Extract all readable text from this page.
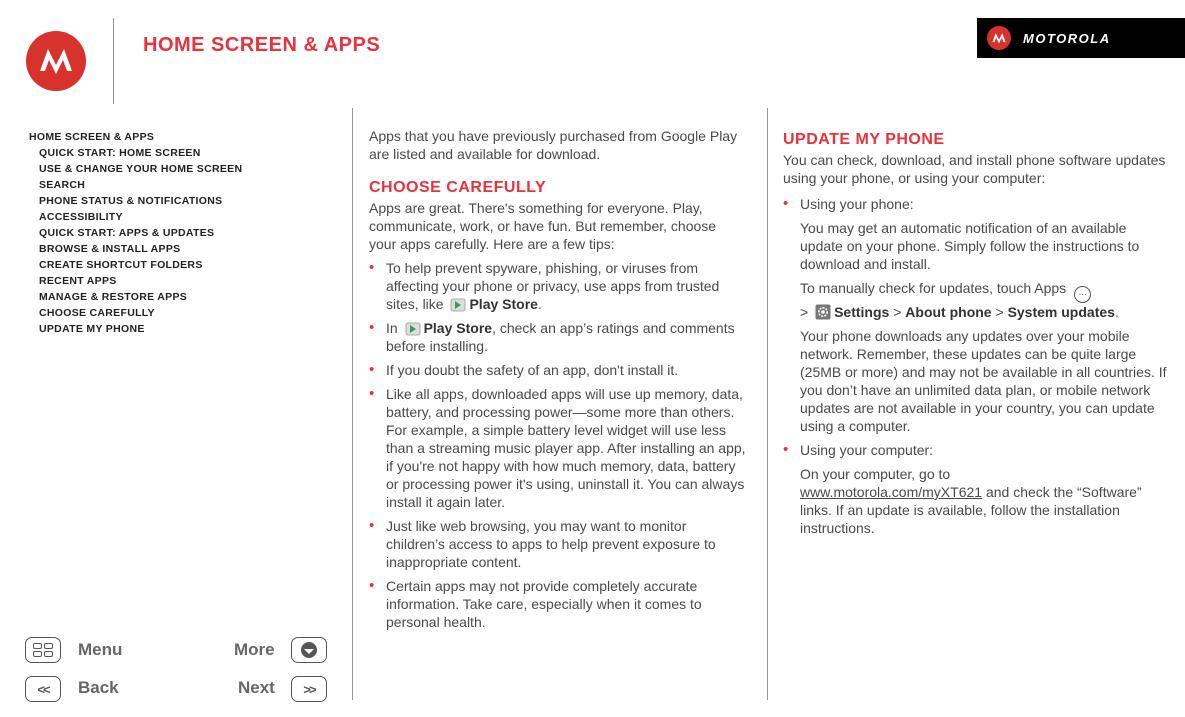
HOME SCREEN & APPS	MOTOROLA
HOME SCREEN & APPS
QUICK START: HOME SCREEN
USE & CHANGE YOUR HOME SCREEN
SEARCH
PHONE STATUS & NOTIFICATIONS
ACCESSIBILITY
QUICK START: APPS & UPDATES
BROWSE & INSTALL APPS
CREATE SHORTCUT FOLDERS
RECENT APPS
MANAGE & RESTORE APPS
CHOOSE CAREFULLY
UPDATE MY PHONE

Apps that you have previously purchased from Google Play are listed and available for download.

CHOOSE CAREFULLY

Apps are great. There's something for everyone. Play, communicate, work, or have fun. But remember, choose your apps carefully. Here are a few tips:

• To help prevent spyware, phishing, or viruses from affecting your phone or privacy, use apps from trusted sites, like Play Store.
• In Play Store, check an app’s ratings and comments before installing.
• If you doubt the safety of an app, don't install it.
• Like all apps, downloaded apps will use up memory, data, battery, and processing power—some more than others. For example, a simple battery level widget will use less than a streaming music player app. After installing an app, if you're not happy with how much memory, data, battery or processing power it's using, uninstall it. You can always install it again later.
• Just like web browsing, you may want to monitor children’s access to apps to help prevent exposure to inappropriate content.
• Certain apps may not provide completely accurate information. Take care, especially when it comes to personal health.
UPDATE MY PHONE

You can check, download, and install phone software updates using your phone, or using your computer:

• Using your phone:

You may get an automatic notification of an available update on your phone. Simply follow the instructions to download and install.

To manually check for updates, touch Apps ⋯
> Settings > About phone > System updates.

Your phone downloads any updates over your mobile network. Remember, these updates can be quite large (25MB or more) and may not be available in all countries. If you don’t have an unlimited data plan, or mobile network updates are not available in your country, you can update using a computer.

• Using your computer:

On your computer, go to
www.motorola.com/myXT621 and check the “Software” links. If an update is available, follow the installation instructions.

Menu	More
<< Back	Next >>
